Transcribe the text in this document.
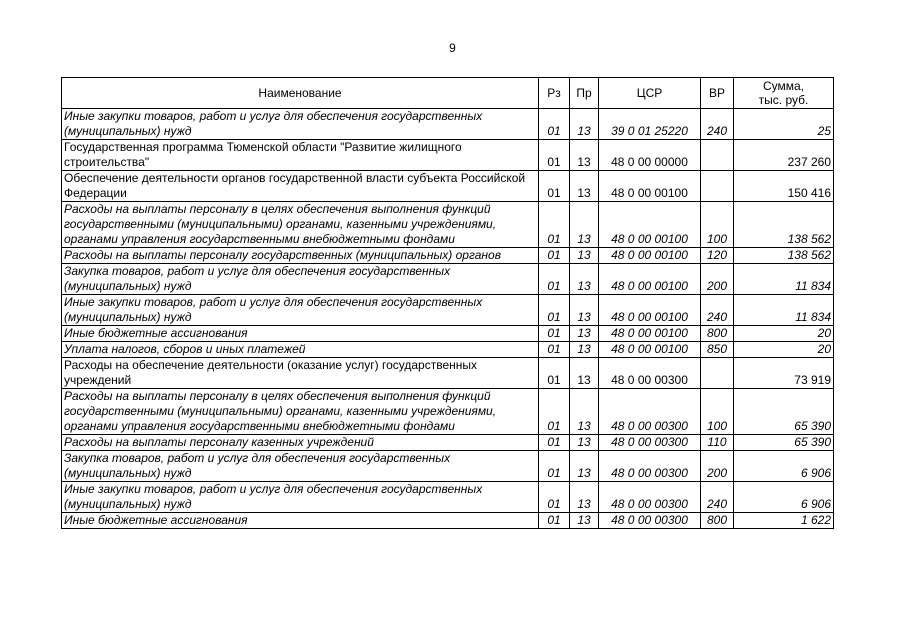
9
Наименование	Рз	Пр	ЦСР	ВР	Сумма,
тыс. руб.

Иные закупки товаров, работ и услуг для обеспечения государственных (муниципальных) нужд	01	13	39 0 01 25220	240	25
Государственная программа Тюменской области "Развитие жилищного строительства"	01	13	48 0 00 00000		237 260
Обеспечение деятельности органов государственной власти субъекта Российской Федерации	01	13	48 0 00 00100		150 416
Расходы на выплаты персоналу в целях обеспечения выполнения функций государственными (муниципальными) органами, казенными учреждениями, органами управления государственными внебюджетными фондами	01	13	48 0 00 00100	100	138 562
Расходы на выплаты персоналу государственных (муниципальных) органов	01	13	48 0 00 00100	120	138 562
Закупка товаров, работ и услуг для обеспечения государственных (муниципальных) нужд	01	13	48 0 00 00100	200	11 834
Иные закупки товаров, работ и услуг для обеспечения государственных (муниципальных) нужд	01	13	48 0 00 00100	240	11 834
Иные бюджетные ассигнования	01	13	48 0 00 00100	800	20
Уплата налогов, сборов и иных платежей	01	13	48 0 00 00100	850	20
Расходы на обеспечение деятельности (оказание услуг) государственных учреждений	01	13	48 0 00 00300		73 919
Расходы на выплаты персоналу в целях обеспечения выполнения функций государственными (муниципальными) органами, казенными учреждениями, органами управления государственными внебюджетными фондами	01	13	48 0 00 00300	100	65 390
Расходы на выплаты персоналу казенных учреждений	01	13	48 0 00 00300	110	65 390
Закупка товаров, работ и услуг для обеспечения государственных (муниципальных) нужд	01	13	48 0 00 00300	200	6 906
Иные закупки товаров, работ и услуг для обеспечения государственных (муниципальных) нужд	01	13	48 0 00 00300	240	6 906
Иные бюджетные ассигнования	01	13	48 0 00 00300	800	1 622
